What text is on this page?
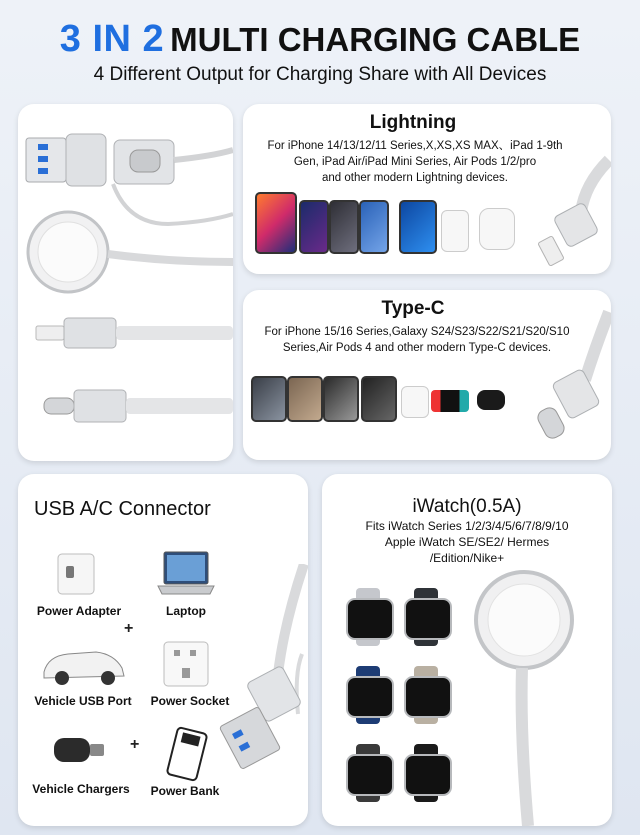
3 IN 2 MULTI CHARGING CABLE
4 Different Output for Charging Share with All Devices
Lightning
For iPhone 14/13/12/11 Series,X,XS,XS MAX、iPad 1-9th
Gen, iPad Air/iPad Mini Series, Air Pods 1/2/pro
and other modern Lightning devices.
Type-C
For iPhone 15/16 Series,Galaxy S24/S23/S22/S21/S20/S10
Series,Air Pods 4 and other modern Type-C devices.
USB A/C Connector
Power Adapter	Laptop
+
Vehicle USB Port	Power Socket
Vehicle Chargers
+
Power Bank
iWatch(0.5A)
Fits iWatch Series 1/2/3/4/5/6/7/8/9/10
Apple iWatch SE/SE2/ Hermes
/Edition/Nike+
